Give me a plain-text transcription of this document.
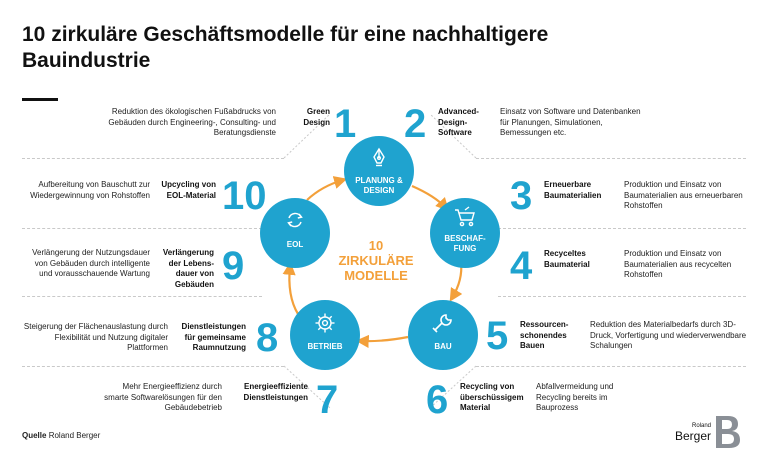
10 zirkuläre Geschäftsmodelle für eine nachhaltigere Bauindustrie
PLANUNG & DESIGN
BESCHAF- FUNG
BAU
BETRIEB
EOL	10
ZIRKULÄRE
MODELLE
Reduktion des ökologischen Fußabdrucks von Gebäuden durch Engineering-, Consulting- und Beratungsdienste
Green Design 1 2 Advanced-Design-Software
Einsatz von Software und Datenbanken für Planungen, Simulationen, Bemessungen etc.
3 Erneuerbare Baumaterialien
Produktion und Einsatz von Baumaterialien aus erneuerbaren Rohstoffen
4 Recyceltes Baumaterial
Produktion und Einsatz von Baumaterialien aus recycelten Rohstoffen
5 Ressourcen-schonendes Bauen
Reduktion des Materialbedarfs durch 3D-Druck, Vorfertigung und wiederverwendbare Schalungen
6 Recycling von überschüssigem Material
Abfallvermeidung und Recycling bereits im Bauprozess
Mehr Energieeffizienz durch smarte Softwarelösungen für den Gebäudebetrieb
Energieeffiziente Dienstleistungen 7
Steigerung der Flächenauslastung durch Flexibilität und Nutzung digitaler Plattformen
Dienstleistungen für gemeinsame Raumnutzung 8
Verlängerung der Nutzungsdauer von Gebäuden durch intelligente und vorausschauende Wartung
Verlängerung der Lebens-dauer von Gebäuden 9
Aufbereitung von Bauschutt zur Wiedergewinnung von Rohstoffen
Upcycling von EOL-Material 10
Quelle Roland Berger
Roland
Berger
